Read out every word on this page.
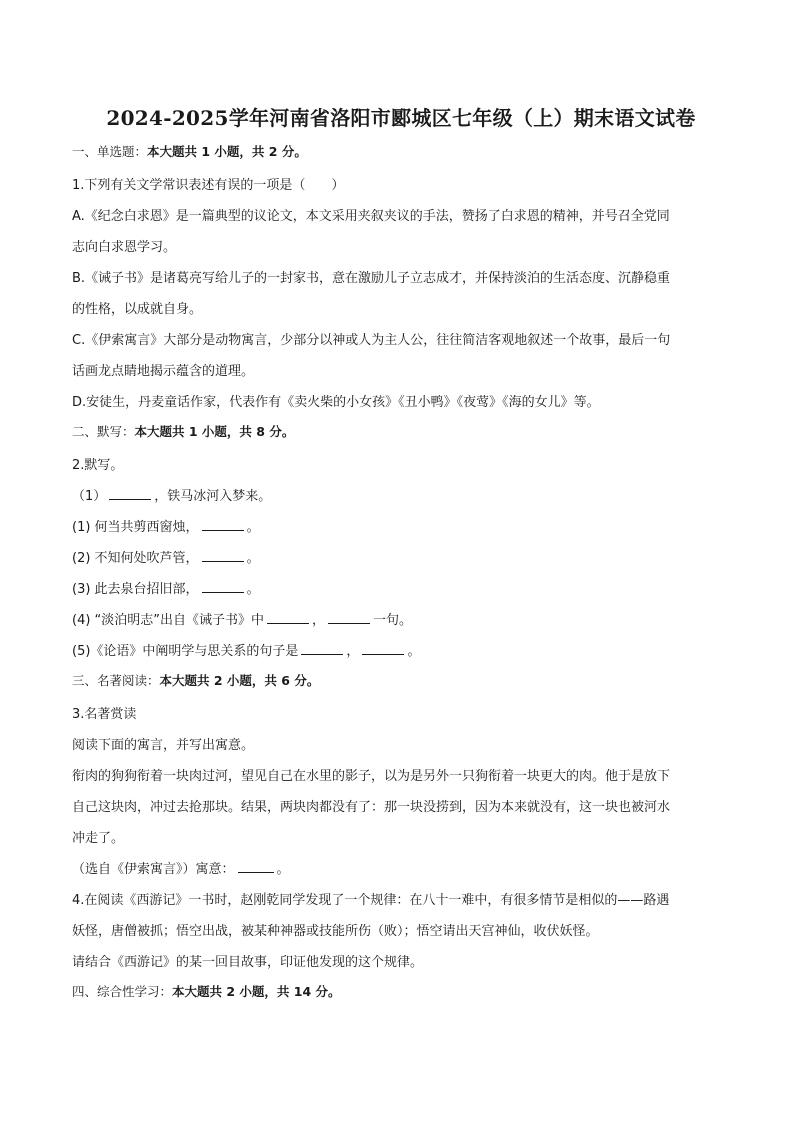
2024-2025学年河南省洛阳市郾城区七年级（上）期末语文试卷
一、单选题：本大题共 1 小题，共 2 分。

1.下列有关文学常识表述有误的一项是（　　）

A.《纪念白求恩》是一篇典型的议论文，本文采用夹叙夹议的手法，赞扬了白求恩的精神，并号召全党同
志向白求恩学习。

B.《诫子书》是诸葛亮写给儿子的一封家书，意在激励儿子立志成才，并保持淡泊的生活态度、沉静稳重
的性格，以成就自身。

C.《伊索寓言》大部分是动物寓言，少部分以神或人为主人公，往往简洁客观地叙述一个故事，最后一句
话画龙点睛地揭示蕴含的道理。

D.安徒生，丹麦童话作家，代表作有《卖火柴的小女孩》《丑小鸭》《夜莺》《海的女儿》等。

二、默写：本大题共 1 小题，共 8 分。

2.默写。

（1）	，铁马冰河入梦来。

(1) 何当共剪西窗烛，	。

(2) 不知何处吹芦管，	。

(3) 此去泉台招旧部，	。

(4) “淡泊明志”出自《诫子书》中	，	一句。

(5)《论语》中阐明学与思关系的句子是	，	。

三、名著阅读：本大题共 2 小题，共 6 分。

3.名著赏读

阅读下面的寓言，并写出寓意。

衔肉的狗狗衔着一块肉过河，望见自己在水里的影子，以为是另外一只狗衔着一块更大的肉。他于是放下
自己这块肉，冲过去抢那块。结果，两块肉都没有了：那一块没捞到，因为本来就没有，这一块也被河水
冲走了。

（选自《伊索寓言》）寓意：	。

4.在阅读《西游记》一书时，赵刚乾同学发现了一个规律：在八十一难中，有很多情节是相似的——路遇
妖怪，唐僧被抓；悟空出战，被某种神器或技能所伤（败）；悟空请出天宫神仙，收伏妖怪。

请结合《西游记》的某一回目故事，印证他发现的这个规律。

四、综合性学习：本大题共 2 小题，共 14 分。
